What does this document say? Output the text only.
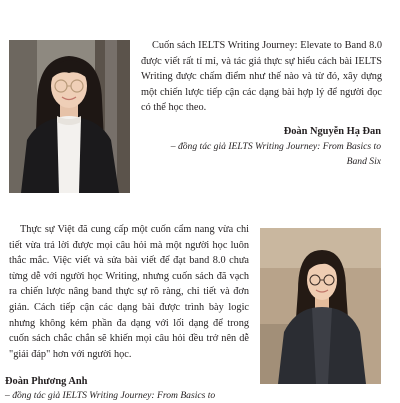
Cuốn sách IELTS Writing Journey: Elevate to Band 8.0 được viết rất tỉ mỉ, và tác giả thực sự hiểu cách bài IELTS Writing được chấm điểm như thế nào và từ đó, xây dựng một chiến lược tiếp cận các dạng bài hợp lý để người đọc có thể học theo.

Đoàn Nguyễn Hạ Đan

– đồng tác giả IELTS Writing Journey: From Basics to Band Six

Thực sự Việt đã cung cấp một cuốn cẩm nang vừa chi tiết vừa trả lời được mọi câu hỏi mà một người học luôn thắc mắc. Việc viết và sửa bài viết để đạt band 8.0 chưa từng dễ với người học Writing, nhưng cuốn sách đã vạch ra chiến lược nâng band thực sự rõ ràng, chi tiết và đơn giản. Cách tiếp cận các dạng bài được trình bày logic nhưng không kém phần đa dạng với lối dạng để trong cuốn sách chắc chắn sẽ khiến mọi câu hỏi đều trở nên dễ "giải đáp" hơn với người học.

Đoàn Phương Anh

– đồng tác giả IELTS Writing Journey: From Basics to
